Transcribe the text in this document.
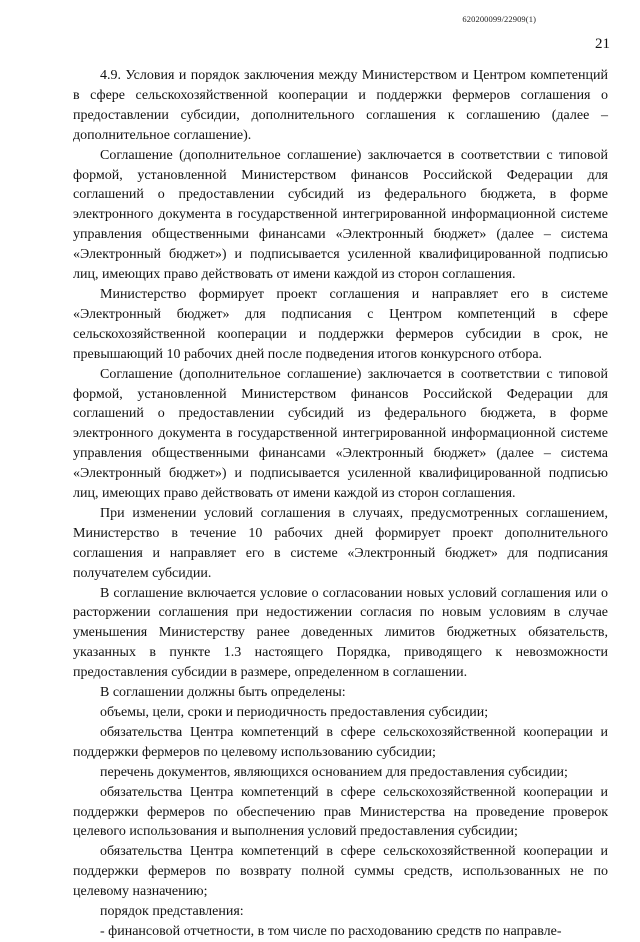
620200099/22909(1)
21

4.9. Условия и порядок заключения между Министерством и Центром компетенций в сфере сельскохозяйственной кооперации и поддержки фермеров соглашения о предоставлении субсидии, дополнительного соглашения к соглашению (далее – дополнительное соглашение).

Соглашение (дополнительное соглашение) заключается в соответствии с типовой формой, установленной Министерством финансов Российской Федерации для соглашений о предоставлении субсидий из федерального бюджета, в форме электронного документа в государственной интегрированной информационной системе управления общественными финансами «Электронный бюджет» (далее – система «Электронный бюджет») и подписывается усиленной квалифицированной подписью лиц, имеющих право действовать от имени каждой из сторон соглашения.

Министерство формирует проект соглашения и направляет его в системе «Электронный бюджет» для подписания с Центром компетенций в сфере сельскохозяйственной кооперации и поддержки фермеров субсидии в срок, не превышающий 10 рабочих дней после подведения итогов конкурсного отбора.

Соглашение (дополнительное соглашение) заключается в соответствии с типовой формой, установленной Министерством финансов Российской Федерации для соглашений о предоставлении субсидий из федерального бюджета, в форме электронного документа в государственной интегрированной информационной системе управления общественными финансами «Электронный бюджет» (далее – система «Электронный бюджет») и подписывается усиленной квалифицированной подписью лиц, имеющих право действовать от имени каждой из сторон соглашения.

При изменении условий соглашения в случаях, предусмотренных соглашением, Министерство в течение 10 рабочих дней формирует проект дополнительного соглашения и направляет его в системе «Электронный бюджет» для подписания получателем субсидии.

В соглашение включается условие о согласовании новых условий соглашения или о расторжении соглашения при недостижении согласия по новым условиям в случае уменьшения Министерству ранее доведенных лимитов бюджетных обязательств, указанных в пункте 1.3 настоящего Порядка, приводящего к невозможности предоставления субсидии в размере, определенном в соглашении.

В соглашении должны быть определены:

объемы, цели, сроки и периодичность предоставления субсидии;

обязательства Центра компетенций в сфере сельскохозяйственной кооперации и поддержки фермеров по целевому использованию субсидии;

перечень документов, являющихся основанием для предоставления субсидии;

обязательства Центра компетенций в сфере сельскохозяйственной кооперации и поддержки фермеров по обеспечению прав Министерства на проведение проверок целевого использования и выполнения условий предоставления субсидии;

обязательства Центра компетенций в сфере сельскохозяйственной кооперации и поддержки фермеров по возврату полной суммы средств, использованных не по целевому назначению;

порядок представления:

- финансовой отчетности, в том числе по расходованию средств по направле-
